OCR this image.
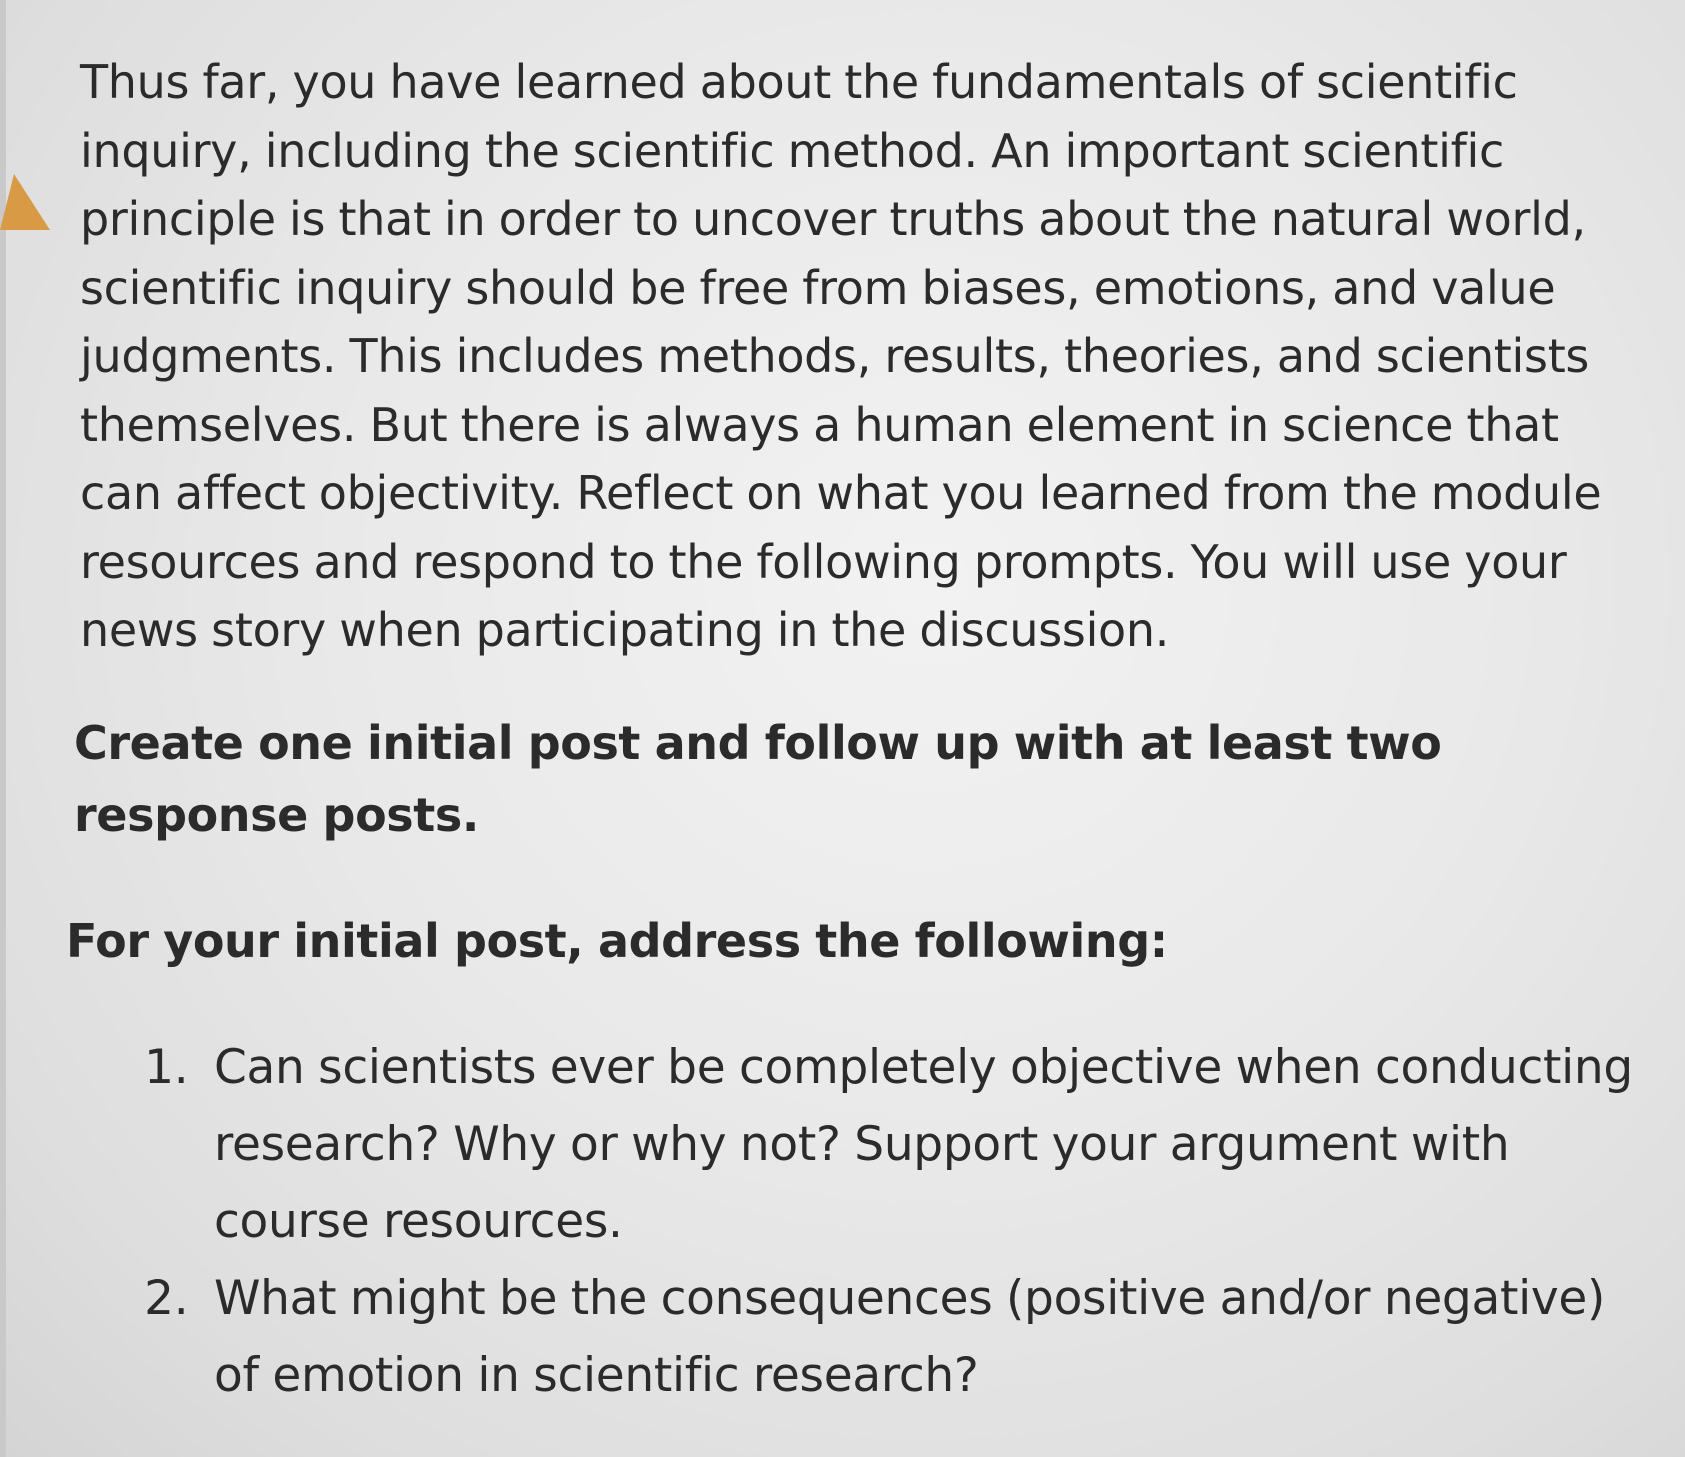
Thus far, you have learned about the fundamentals of scientific inquiry, including the scientific method. An important scientific principle is that in order to uncover truths about the natural world, scientific inquiry should be free from biases, emotions, and value judgments. This includes methods, results, theories, and scientists themselves. But there is always a human element in science that can affect objectivity. Reflect on what you learned from the module resources and respond to the following prompts. You will use your news story when participating in the discussion.

Create one initial post and follow up with at least two response posts.

For your initial post, address the following:

1. Can scientists ever be completely objective when conducting research? Why or why not? Support your argument with course resources.
2. What might be the consequences (positive and/or negative) of emotion in scientific research?
